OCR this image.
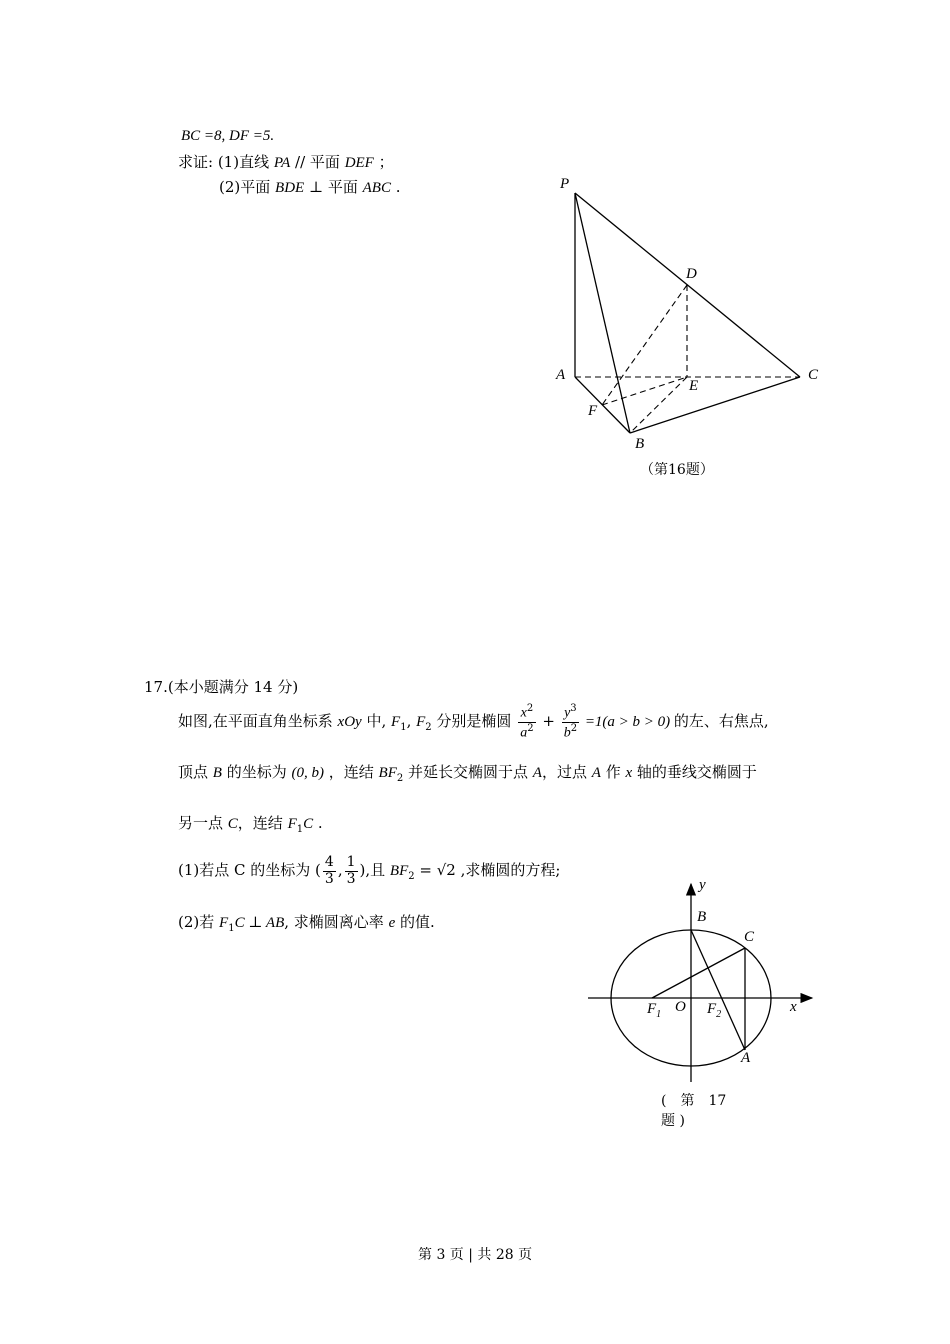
BC =8, DF =5.
求证: (1)直线 PA // 平面 DEF ；
(2)平面 BDE ⊥ 平面 ABC .	P
D
A
E
C
F
B
（第16题）
17.(本小题满分 14 分)
如图,在平面直角坐标系 xOy 中, $F_1$, $F_2$ 分别是椭圆 $\frac{x^2}{a^2} + \frac{y^3}{b^2} =1(a > b > 0)$ 的左、右焦点,
顶点 B 的坐标为 (0, b) ，连结 $BF_2$ 并延长交椭圆于点 A，过点 A 作 x 轴的垂线交椭圆于
另一点 C，连结 $F_1C$ .
(1)若点 C 的坐标为 ( $\frac{4}{3}$ , $\frac{1}{3}$ ),且 $BF_2 = √2$ ,求椭圆的方程;
(2)若 $F_1C$ ⊥ AB, 求椭圆离心率 e 的值.
y
B
C
$F_1$ O $F_2$	x
A
(　第　17
题 )
第 3 页 | 共 28 页
